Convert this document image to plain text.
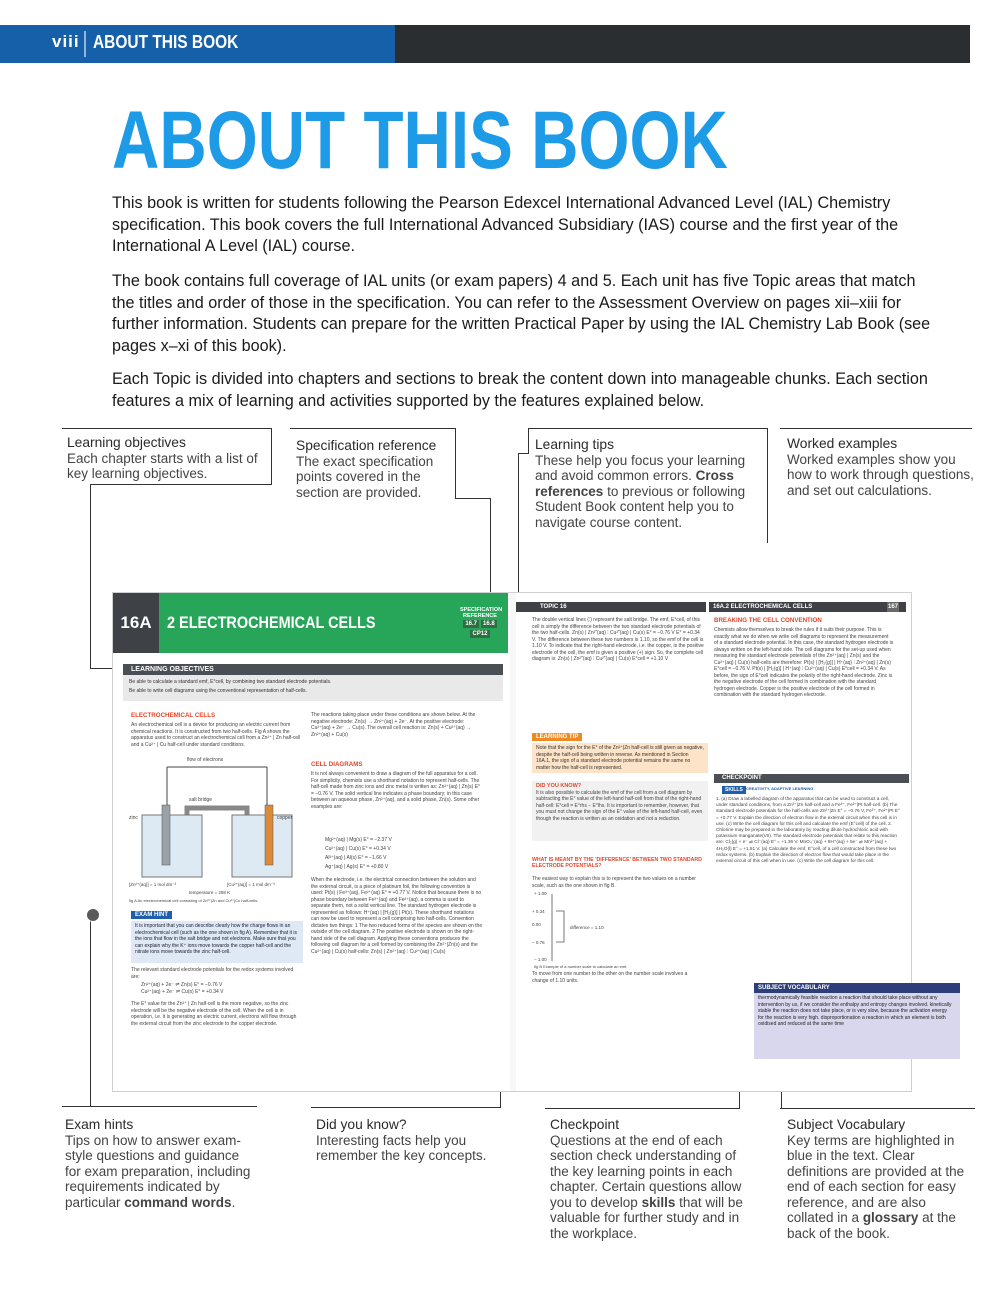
viii ABOUT THIS BOOK
ABOUT THIS BOOK

This book is written for students following the Pearson Edexcel International Advanced Level (IAL) Chemistry specification. This book covers the full International Advanced Subsidiary (IAS) course and the first year of the International A Level (IAL) course.

The book contains full coverage of IAL units (or exam papers) 4 and 5. Each unit has five Topic areas that match the titles and order of those in the specification. You can refer to the Assessment Overview on pages xii–xiii for further information. Students can prepare for the written Practical Paper by using the IAL Chemistry Lab Book (see pages x–xi of this book).

Each Topic is divided into chapters and sections to break the content down into manageable chunks. Each section features a mix of learning and activities supported by the features explained below.

Learning objectives
Each chapter starts with a list of key learning objectives.
Specification reference
The exact specification points covered in the section are provided.
Learning tips
These help you focus your learning and avoid common errors. Cross references to previous or following Student Book content help you to navigate course content.
Worked examples
Worked examples show you how to work through questions, and set out calculations.
Exam hints
Tips on how to answer exam-style questions and guidance for exam preparation, including requirements indicated by particular command words.
Did you know?
Interesting facts help you remember the key concepts.
Checkpoint
Questions at the end of each section check understanding of the key learning points in each chapter. Certain questions allow you to develop skills that will be valuable for further study and in the workplace.
Subject Vocabulary
Key terms are highlighted in blue in the text. Clear definitions are provided at the end of each section for easy reference, and are also collated in a glossary at the back of the book.
16A 2 ELECTROCHEMICAL CELLS
SPECIFICATION REFERENCE
16.7 16.8 CP12
LEARNING OBJECTIVES
Be able to calculate a standard emf, E°cell, by combining two standard electrode potentials.
Be able to write cell diagrams using the conventional representation of half-cells.
ELECTROCHEMICAL CELLS
An electrochemical cell is a device for producing an electric current from chemical reactions. It is constructed from two half-cells. Fig A shows the apparatus used to construct an electrochemical cell from a Zn²⁺ | Zn half-cell and a Cu²⁺ | Cu half-cell under standard conditions.
flow of electrons
salt bridge
zinc	copper
[Zn²⁺(aq)] = 1 mol dm⁻³	[Cu²⁺(aq)] = 1 mol dm⁻³
temperature = 298 K
fig A An electrochemical cell consisting of Zn²⁺|Zn and Cu²⁺|Cu half-cells.
EXAM HINT
It is important that you can describe clearly how the charge flows in an electrochemical cell (such as the one shown in fig A). Remember that it is the ions that flow in the salt bridge and not electrons. Make sure that you can explain why the K⁺ ions move towards the copper half-cell and the nitrate ions move towards the zinc half-cell.
The relevant standard electrode potentials for the redox systems involved are:
Zn²⁺(aq) + 2e⁻ ⇌ Zn(s) E° = −0.76 V
Cu²⁺(aq) + 2e⁻ ⇌ Cu(s) E° = +0.34 V
The E° value for the Zn²⁺ | Zn half-cell is the more negative, so the zinc electrode will be the negative electrode of the cell. When the cell is in operation, i.e. it is generating an electric current, electrons will flow through the external circuit from the zinc electrode to the copper electrode.
The reactions taking place under these conditions are shown below. At the negative electrode: Zn(s) → Zn²⁺(aq) + 2e⁻. At the positive electrode: Cu²⁺(aq) + 2e⁻ → Cu(s). The overall cell reaction is: Zn(s) + Cu²⁺(aq) → Zn²⁺(aq) + Cu(s)
CELL DIAGRAMS
It is not always convenient to draw a diagram of the full apparatus for a cell. For simplicity, chemists use a shorthand notation to represent half-cells. The half-cell made from zinc ions and zinc metal is written as: Zn²⁺(aq) | Zn(s) E° = −0.76 V. The solid vertical line indicates a phase boundary; in this case between an aqueous phase, Zn²⁺(aq), and a solid phase, Zn(s). Some other examples are:
Mg²⁺(aq) | Mg(s) E° = −2.37 V
Cu²⁺(aq) | Cu(s) E° = +0.34 V
Al³⁺(aq) | Al(s) E° = −1.66 V
Ag⁺(aq) | Ag(s) E° = +0.80 V
When the electrode, i.e. the electrical connection between the solution and the external circuit, is a piece of platinum foil, the following convention is used: Pt(s) | Fe³⁺(aq), Fe²⁺(aq) E° = +0.77 V. Notice that because there is no phase boundary between Fe³⁺(aq) and Fe²⁺(aq), a comma is used to separate them, not a solid vertical line. The standard hydrogen electrode is represented as follows: H⁺(aq) | [H₂(g)] | Pt(s). These shorthand notations can now be used to represent a cell comprising two half-cells. Convention dictates two things: 1 The two reduced forms of the species are shown on the outside of the cell diagram. 2 The positive electrode is shown on the right-hand side of the cell diagram. Applying these conventions produces the following cell diagram for a cell formed by combining the Zn²⁺|Zn(s) and the Cu²⁺(aq) | Cu(s) half-cells: Zn(s) | Zn²⁺(aq) ⫶ Cu²⁺(aq) | Cu(s)
TOPIC 16	16A.2 ELECTROCHEMICAL CELLS	167
The double vertical lines (⫶) represent the salt bridge. The emf, E°cell, of this cell is simply the difference between the two standard electrode potentials of the two half-cells. Zn(s) | Zn²⁺(aq) ⫶ Cu²⁺(aq) | Cu(s) E° = −0.76 V E° = +0.34 V. The difference between these two numbers is 1.10, so the emf of the cell is 1.10 V. To indicate that the right-hand electrode, i.e. the copper, is the positive electrode of the cell, the emf is given a positive (+) sign. So, the complete cell diagram is: Zn(s) | Zn²⁺(aq) ⫶ Cu²⁺(aq) | Cu(s) E°cell = +1.10 V
LEARNING TIP
Note that the sign for the E° of the Zn²⁺|Zn half-cell is still given as negative, despite the half-cell being written in reverse. As mentioned in Section 16A.1, the sign of a standard electrode potential remains the same no matter how the half-cell is represented.
DID YOU KNOW?
It is also possible to calculate the emf of the cell from a cell diagram by subtracting the E° value of the left-hand half-cell from that of the right-hand half-cell: E°cell = E°rhs − E°lhs. It is important to remember, however, that you must not change the sign of the E° value of the left-hand half-cell, even though the reaction is written as an oxidation and not a reduction.
WHAT IS MEANT BY THE 'DIFFERENCE' BETWEEN TWO STANDARD ELECTRODE POTENTIALS?
The easiest way to explain this is to represent the two values on a number scale, such as the one shown in fig B.
+ 1.00
+ 0.34
0.00
− 0.76
− 1.00
difference = 1.10
fig B Example of a number scale to calculate an emf.
To move from one number to the other on the number scale involves a change of 1.10 units.
BREAKING THE CELL CONVENTION
Chemists allow themselves to break the rules if it suits their purpose. This is exactly what we do when we write cell diagrams to represent the measurement of a standard electrode potential. In this case, the standard hydrogen electrode is always written on the left-hand side. The cell diagrams for the set-up used when measuring the standard electrode potentials of the Zn²⁺(aq) | Zn(s) and the Cu²⁺(aq) | Cu(s) half-cells are therefore: Pt(s) | [H₂(g)] | H⁺(aq) ⫶ Zn²⁺(aq) | Zn(s) E°cell = −0.76 V. Pt(s) | [H₂(g)] | H⁺(aq) ⫶ Cu²⁺(aq) | Cu(s) E°cell = +0.34 V. As before, the sign of E°cell indicates the polarity of the right-hand electrode. Zinc is the negative electrode of the cell formed in combination with the standard hydrogen electrode. Copper is the positive electrode of the cell formed in combination with the standard hydrogen electrode.
CHECKPOINT
SKILLS CREATIVITY, ADAPTIVE LEARNING
1. (a) Draw a labelled diagram of the apparatus that can be used to construct a cell, under standard conditions, from a Zn²⁺|Zn half-cell and a Fe³⁺, Fe²⁺|Pt half-cell. (b) The standard electrode potentials for the half-cells are Zn²⁺|Zn E° = −0.76 V, Fe³⁺, Fe²⁺|Pt E° = +0.77 V. Explain the direction of electron flow in the external circuit when this cell is in use. (c) Write the cell diagram for this cell and calculate the emf (E°cell) of the cell. 2. Chlorine may be prepared in the laboratory by reacting dilute hydrochloric acid with potassium manganate(VII). The standard electrode potentials that relate to this reaction are: Cl₂(g) + e⁻ ⇌ Cl⁻(aq) E° = +1.36 V. MnO₄⁻(aq) + 8H⁺(aq) + 5e⁻ ⇌ Mn²⁺(aq) + 4H₂O(l) E° = +1.51 V. (a) Calculate the emf, E°cell, of a cell constructed from these two redox systems. (b) Explain the direction of electron flow that would take place in the external circuit of this cell when in use. (c) Write the cell diagram for this cell.
SUBJECT VOCABULARY
thermodynamically feasible reaction a reaction that should take place without any intervention by us, if we consider the enthalpy and entropy changes involved. kinetically stable the reaction does not take place, or is very slow, because the activation energy for the reaction is very high. disproportionation a reaction in which an element is both oxidised and reduced at the same time
